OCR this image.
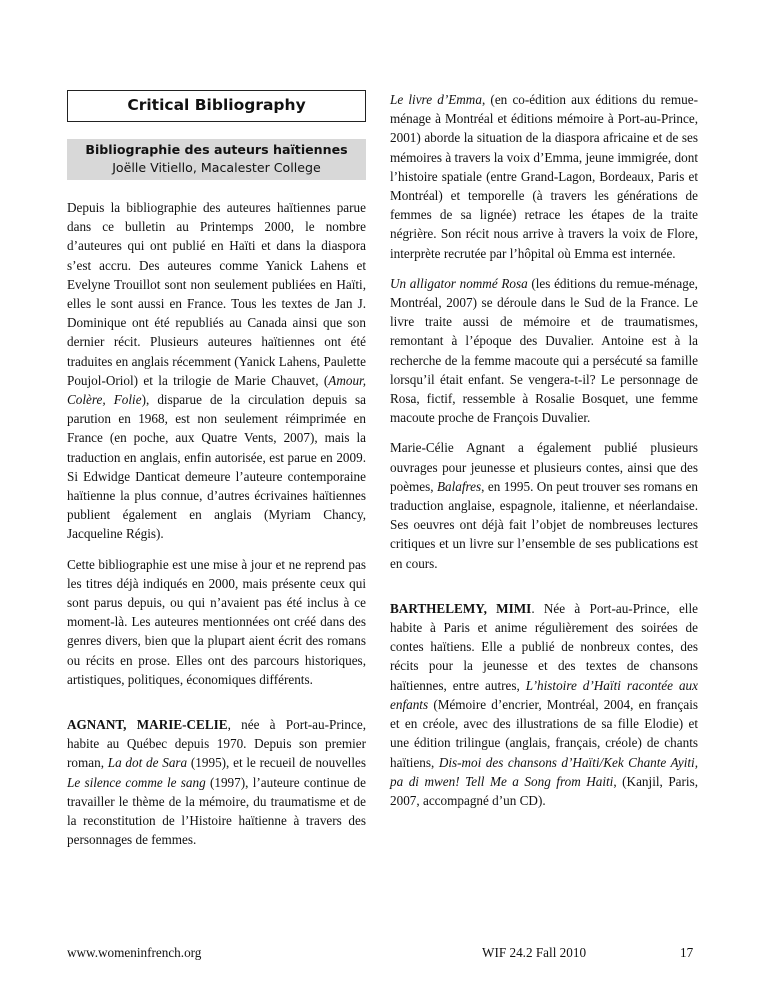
Critical Bibliography
Bibliographie des auteurs haïtiennes
Joëlle Vitiello, Macalester College

Depuis la bibliographie des auteures haïtiennes parue dans ce bulletin au Printemps 2000, le nombre d’auteures qui ont publié en Haïti et dans la diaspora s’est accru. Des auteures comme Yanick Lahens et Evelyne Trouillot sont non seulement publiées en Haïti, elles le sont aussi en France. Tous les textes de Jan J. Dominique ont été republiés au Canada ainsi que son dernier récit. Plusieurs auteures haïtiennes ont été traduites en anglais récemment (Yanick Lahens, Paulette Poujol-Oriol) et la trilogie de Marie Chauvet, (Amour, Colère, Folie), disparue de la circulation depuis sa parution en 1968, est non seulement réimprimée en France (en poche, aux Quatre Vents, 2007), mais la traduction en anglais, enfin autorisée, est parue en 2009. Si Edwidge Danticat demeure l’auteure contemporaine haïtienne la plus connue, d’autres écrivaines haïtiennes publient également en anglais (Myriam Chancy, Jacqueline Régis).

Cette bibliographie est une mise à jour et ne reprend pas les titres déjà indiqués en 2000, mais présente ceux qui sont parus depuis, ou qui n’avaient pas été inclus à ce moment-là. Les auteures mentionnées ont créé dans des genres divers, bien que la plupart aient écrit des romans ou récits en prose. Elles ont des parcours historiques, artistiques, politiques, économiques différents.

AGNANT, MARIE-CELIE, née à Port-au-Prince, habite au Québec depuis 1970. Depuis son premier roman, La dot de Sara (1995), et le recueil de nouvelles Le silence comme le sang (1997), l’auteure continue de travailler le thème de la mémoire, du traumatisme et de la reconstitution de l’Histoire haïtienne à travers des personnages de femmes.

Le livre d’Emma, (en co-édition aux éditions du remue-ménage à Montréal et éditions mémoire à Port-au-Prince, 2001) aborde la situation de la diaspora africaine et de ses mémoires à travers la voix d’Emma, jeune immigrée, dont l’histoire spatiale (entre Grand-Lagon, Bordeaux, Paris et Montréal) et temporelle (à travers les générations de femmes de sa lignée) retrace les étapes de la traite négrière. Son récit nous arrive à travers la voix de Flore, interprète recrutée par l’hôpital où Emma est internée.

Un alligator nommé Rosa (les éditions du remue-ménage, Montréal, 2007) se déroule dans le Sud de la France. Le livre traite aussi de mémoire et de traumatismes, remontant à l’époque des Duvalier. Antoine est à la recherche de la femme macoute qui a persécuté sa famille lorsqu’il était enfant. Se vengera-t-il? Le personnage de Rosa, fictif, ressemble à Rosalie Bosquet, une femme macoute proche de François Duvalier.

Marie-Célie Agnant a également publié plusieurs ouvrages pour jeunesse et plusieurs contes, ainsi que des poèmes, Balafres, en 1995. On peut trouver ses romans en traduction anglaise, espagnole, italienne, et néerlandaise. Ses oeuvres ont déjà fait l’objet de nombreuses lectures critiques et un livre sur l’ensemble de ses publications est en cours.

BARTHELEMY, MIMI. Née à Port-au-Prince, elle habite à Paris et anime régulièrement des soirées de contes haïtiens. Elle a publié de nonbreux contes, des récits pour la jeunesse et des textes de chansons haïtiennes, entre autres, L’histoire d’Haïti racontée aux enfants (Mémoire d’encrier, Montréal, 2004, en français et en créole, avec des illustrations de sa fille Elodie) et une édition trilingue (anglais, français, créole) de chants haïtiens, Dis-moi des chansons d’Haïti/Kek Chante Ayiti, pa di mwen! Tell Me a Song from Haiti, (Kanjil, Paris, 2007, accompagné d’un CD).

www.womeninfrench.org	WIF 24.2 Fall 2010	17
